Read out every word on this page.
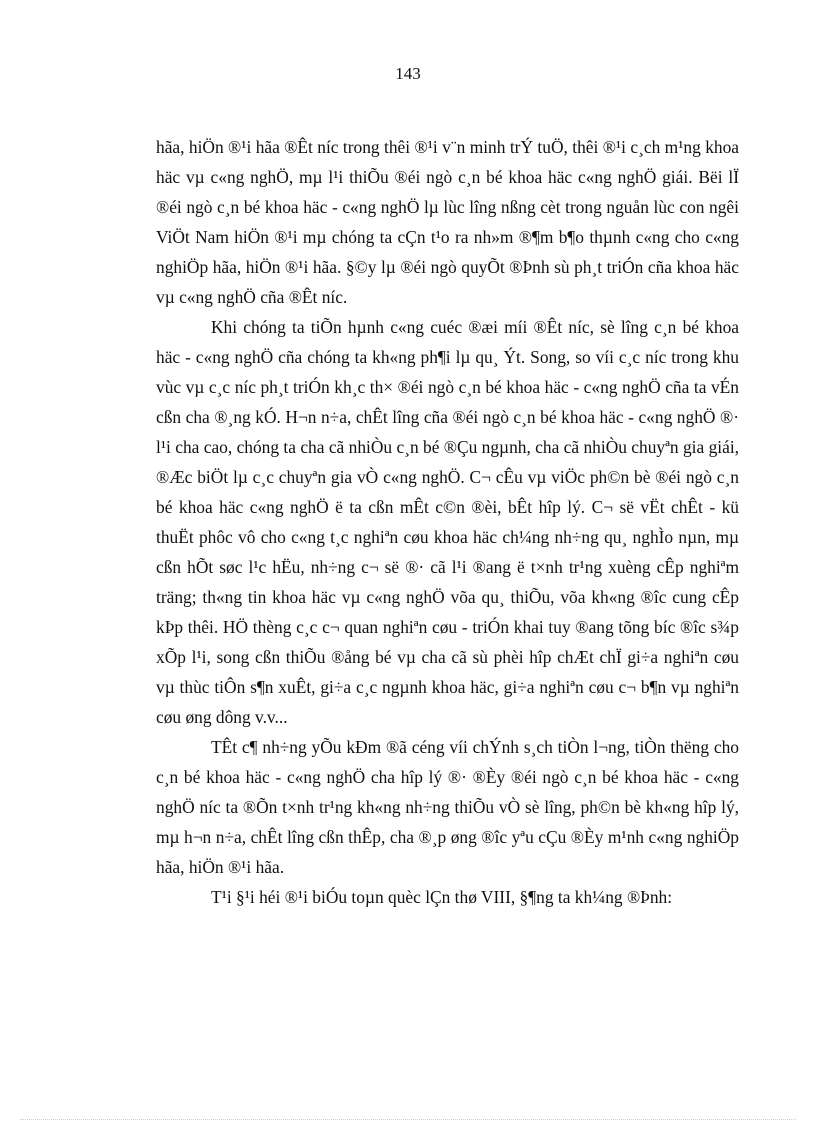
143

hãa, hiÖn ®¹i hãa ®Êt níc trong thêi ®¹i v¨n minh trÝ tuÖ, thêi ®¹i c¸ch m¹ng khoa häc vµ c«ng nghÖ, mµ l¹i thiÕu ®éi ngò c¸n bé khoa häc c«ng nghÖ giái. Bëi lÏ ®éi ngò c¸n bé khoa häc - c«ng nghÖ lµ lùc lîng nßng cèt trong nguån lùc con ngêi ViÖt Nam hiÖn ®¹i mµ chóng ta cÇn t¹o ra nh»m ®¶m b¶o thµnh c«ng cho c«ng nghiÖp hãa, hiÖn ®¹i hãa. §©y lµ ®éi ngò quyÕt ®Þnh sù ph¸t triÓn cña khoa häc vµ c«ng nghÖ cña ®Êt níc.

Khi chóng ta tiÕn hµnh c«ng cuéc ®æi míi ®Êt níc, sè lîng c¸n bé khoa häc - c«ng nghÖ cña chóng ta kh«ng ph¶i lµ qu¸ Ýt. Song, so víi c¸c níc trong khu vùc vµ c¸c níc ph¸t triÓn kh¸c th× ®éi ngò c¸n bé khoa häc - c«ng nghÖ cña ta vÉn cßn cha ®¸ng kÓ. H¬n n÷a, chÊt lîng cña ®éi ngò c¸n bé khoa häc - c«ng nghÖ ®· l¹i cha cao, chóng ta cha cã nhiÒu c¸n bé ®Çu ngµnh, cha cã nhiÒu chuyªn gia giái, ®Æc biÖt lµ c¸c chuyªn gia vÒ c«ng nghÖ. C¬ cÊu vµ viÖc ph©n bè ®éi ngò c¸n bé khoa häc c«ng nghÖ ë ta cßn mÊt c©n ®èi, bÊt hîp lý. C¬ së vËt chÊt - kü thuËt phôc vô cho c«ng t¸c nghiªn cøu khoa häc ch¼ng nh÷ng qu¸ nghÌo nµn, mµ cßn hÕt søc l¹c hËu, nh÷ng c¬ së ®· cã l¹i ®ang ë t×nh tr¹ng xuèng cÊp nghiªm träng; th«ng tin khoa häc vµ c«ng nghÖ võa qu¸ thiÕu, võa kh«ng ®îc cung cÊp kÞp thêi. HÖ thèng c¸c c¬ quan nghiªn cøu - triÓn khai tuy ®ang tõng bíc ®îc s¾p xÕp l¹i, song cßn thiÕu ®ång bé vµ cha cã sù phèi hîp chÆt chÏ gi÷a nghiªn cøu vµ thùc tiÔn s¶n xuÊt, gi÷a c¸c ngµnh khoa häc, gi÷a nghiªn cøu c¬ b¶n vµ nghiªn cøu øng dông v.v...

TÊt c¶ nh÷ng yÕu kÐm ®ã céng víi chÝnh s¸ch tiÒn l¬ng, tiÒn thëng cho c¸n bé khoa häc - c«ng nghÖ cha hîp lý ®· ®Èy ®éi ngò c¸n bé khoa häc - c«ng nghÖ níc ta ®Õn t×nh tr¹ng kh«ng nh÷ng thiÕu vÒ sè lîng, ph©n bè kh«ng hîp lý, mµ h¬n n÷a, chÊt lîng cßn thÊp, cha ®¸p øng ®îc yªu cÇu ®Èy m¹nh c«ng nghiÖp hãa, hiÖn ®¹i hãa.

T¹i §¹i héi ®¹i biÓu toµn quèc lÇn thø VIII, §¶ng ta kh¼ng ®Þnh:
